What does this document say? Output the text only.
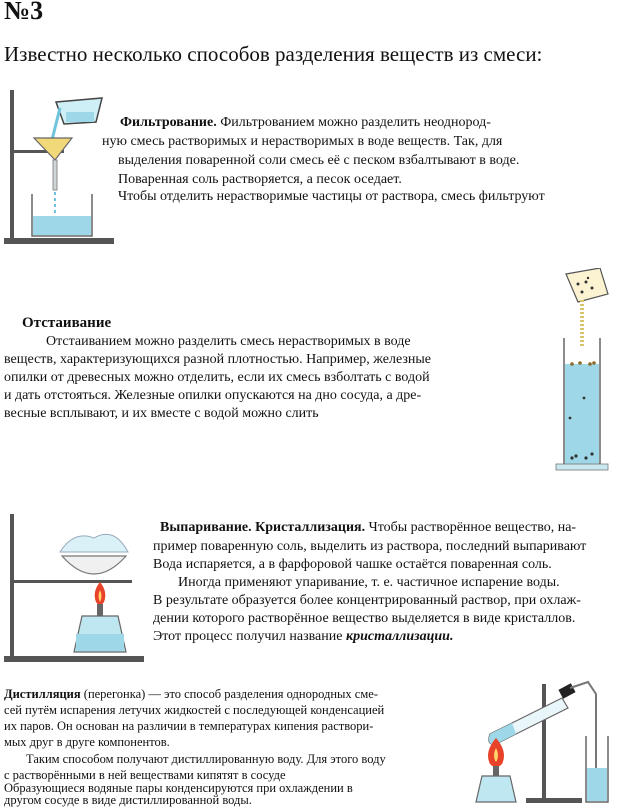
№3
Известно несколько способов разделения веществ из смеси:
Фильтрование. Фильтрованием можно разделить неоднород-
ную смесь растворимых и нерастворимых в воде веществ. Так, для
выделения поваренной соли смесь её с песком взбалтывают в воде.
Поваренная соль растворяется, а песок оседает.
Чтобы отделить нерастворимые частицы от раствора, смесь фильтруют
Отстаивание
Отстаиванием можно разделить смесь нерастворимых в воде
веществ, характеризующихся разной плотностью. Например, железные
опилки от древесных можно отделить, если их смесь взболтать с водой
и дать отстояться. Железные опилки опускаются на дно сосуда, а дре-
весные всплывают, и их вместе с водой можно слить
Выпаривание. Кристаллизация. Чтобы растворённое вещество, на-
пример поваренную соль, выделить из раствора, последний выпаривают
Вода испаряется, а в фарфоровой чашке остаётся поваренная соль.
Иногда применяют упаривание, т. е. частичное испарение воды.
В результате образуется более концентрированный раствор, при охлаж-
дении которого растворённое вещество выделяется в виде кристаллов.
Этот процесс получил название кристаллизации.
Дистилляция (перегонка) — это способ разделения однородных сме-
сей путём испарения летучих жидкостей с последующей конденсацией
их паров. Он основан на различии в температурах кипения раствори-
мых друг в друге компонентов.
Таким способом получают дистиллированную воду. Для этого воду
с растворёнными в ней веществами кипятят в сосуде
Образующиеся водяные пары конденсируются при охлаждении в
другом сосуде в виде дистиллированной воды.
